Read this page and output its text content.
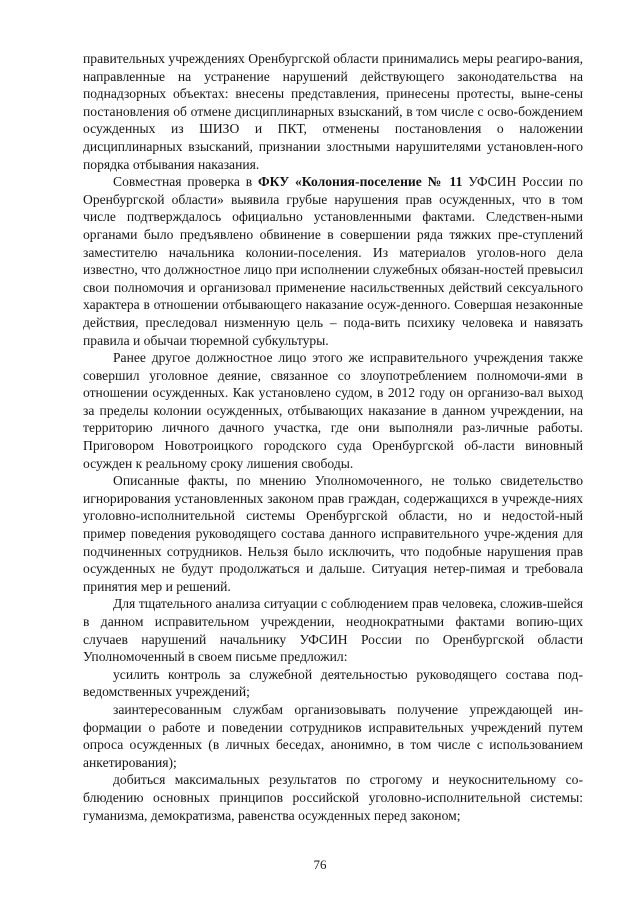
правительных учреждениях Оренбургской области принимались меры реагиро-вания, направленные на устранение нарушений действующего законодательства на поднадзорных объектах: внесены представления, принесены протесты, выне-сены постановления об отмене дисциплинарных взысканий, в том числе с осво-бождением осужденных из ШИЗО и ПКТ, отменены постановления о наложении дисциплинарных взысканий, признании злостными нарушителями установлен-ного порядка отбывания наказания.

Совместная проверка в ФКУ «Колония-поселение № 11 УФСИН России по Оренбургской области» выявила грубые нарушения прав осужденных, что в том числе подтверждалось официально установленными фактами. Следствен-ными органами было предъявлено обвинение в совершении ряда тяжких пре-ступлений заместителю начальника колонии-поселения. Из материалов уголов-ного дела известно, что должностное лицо при исполнении служебных обязан-ностей превысил свои полномочия и организовал применение насильственных действий сексуального характера в отношении отбывающего наказание осуж-денного. Совершая незаконные действия, преследовал низменную цель – пода-вить психику человека и навязать правила и обычаи тюремной субкультуры.

Ранее другое должностное лицо этого же исправительного учреждения также совершил уголовное деяние, связанное со злоупотреблением полномочи-ями в отношении осужденных. Как установлено судом, в 2012 году он организо-вал выход за пределы колонии осужденных, отбывающих наказание в данном учреждении, на территорию личного дачного участка, где они выполняли раз-личные работы. Приговором Новотроицкого городского суда Оренбургской об-ласти виновный осужден к реальному сроку лишения свободы.

Описанные факты, по мнению Уполномоченного, не только свидетельство игнорирования установленных законом прав граждан, содержащихся в учрежде-ниях уголовно-исполнительной системы Оренбургской области, но и недостой-ный пример поведения руководящего состава данного исправительного учре-ждения для подчиненных сотрудников. Нельзя было исключить, что подобные нарушения прав осужденных не будут продолжаться и дальше. Ситуация нетер-пимая и требовала принятия мер и решений.

Для тщательного анализа ситуации с соблюдением прав человека, сложив-шейся в данном исправительном учреждении, неоднократными фактами вопию-щих случаев нарушений начальнику УФСИН России по Оренбургской области Уполномоченный в своем письме предложил:

усилить контроль за служебной деятельностью руководящего состава под-ведомственных учреждений;

заинтересованным службам организовывать получение упреждающей ин-формации о работе и поведении сотрудников исправительных учреждений путем опроса осужденных (в личных беседах, анонимно, в том числе с использованием анкетирования);

добиться максимальных результатов по строгому и неукоснительному со-блюдению основных принципов российской уголовно-исполнительной системы: гуманизма, демократизма, равенства осужденных перед законом;

76
